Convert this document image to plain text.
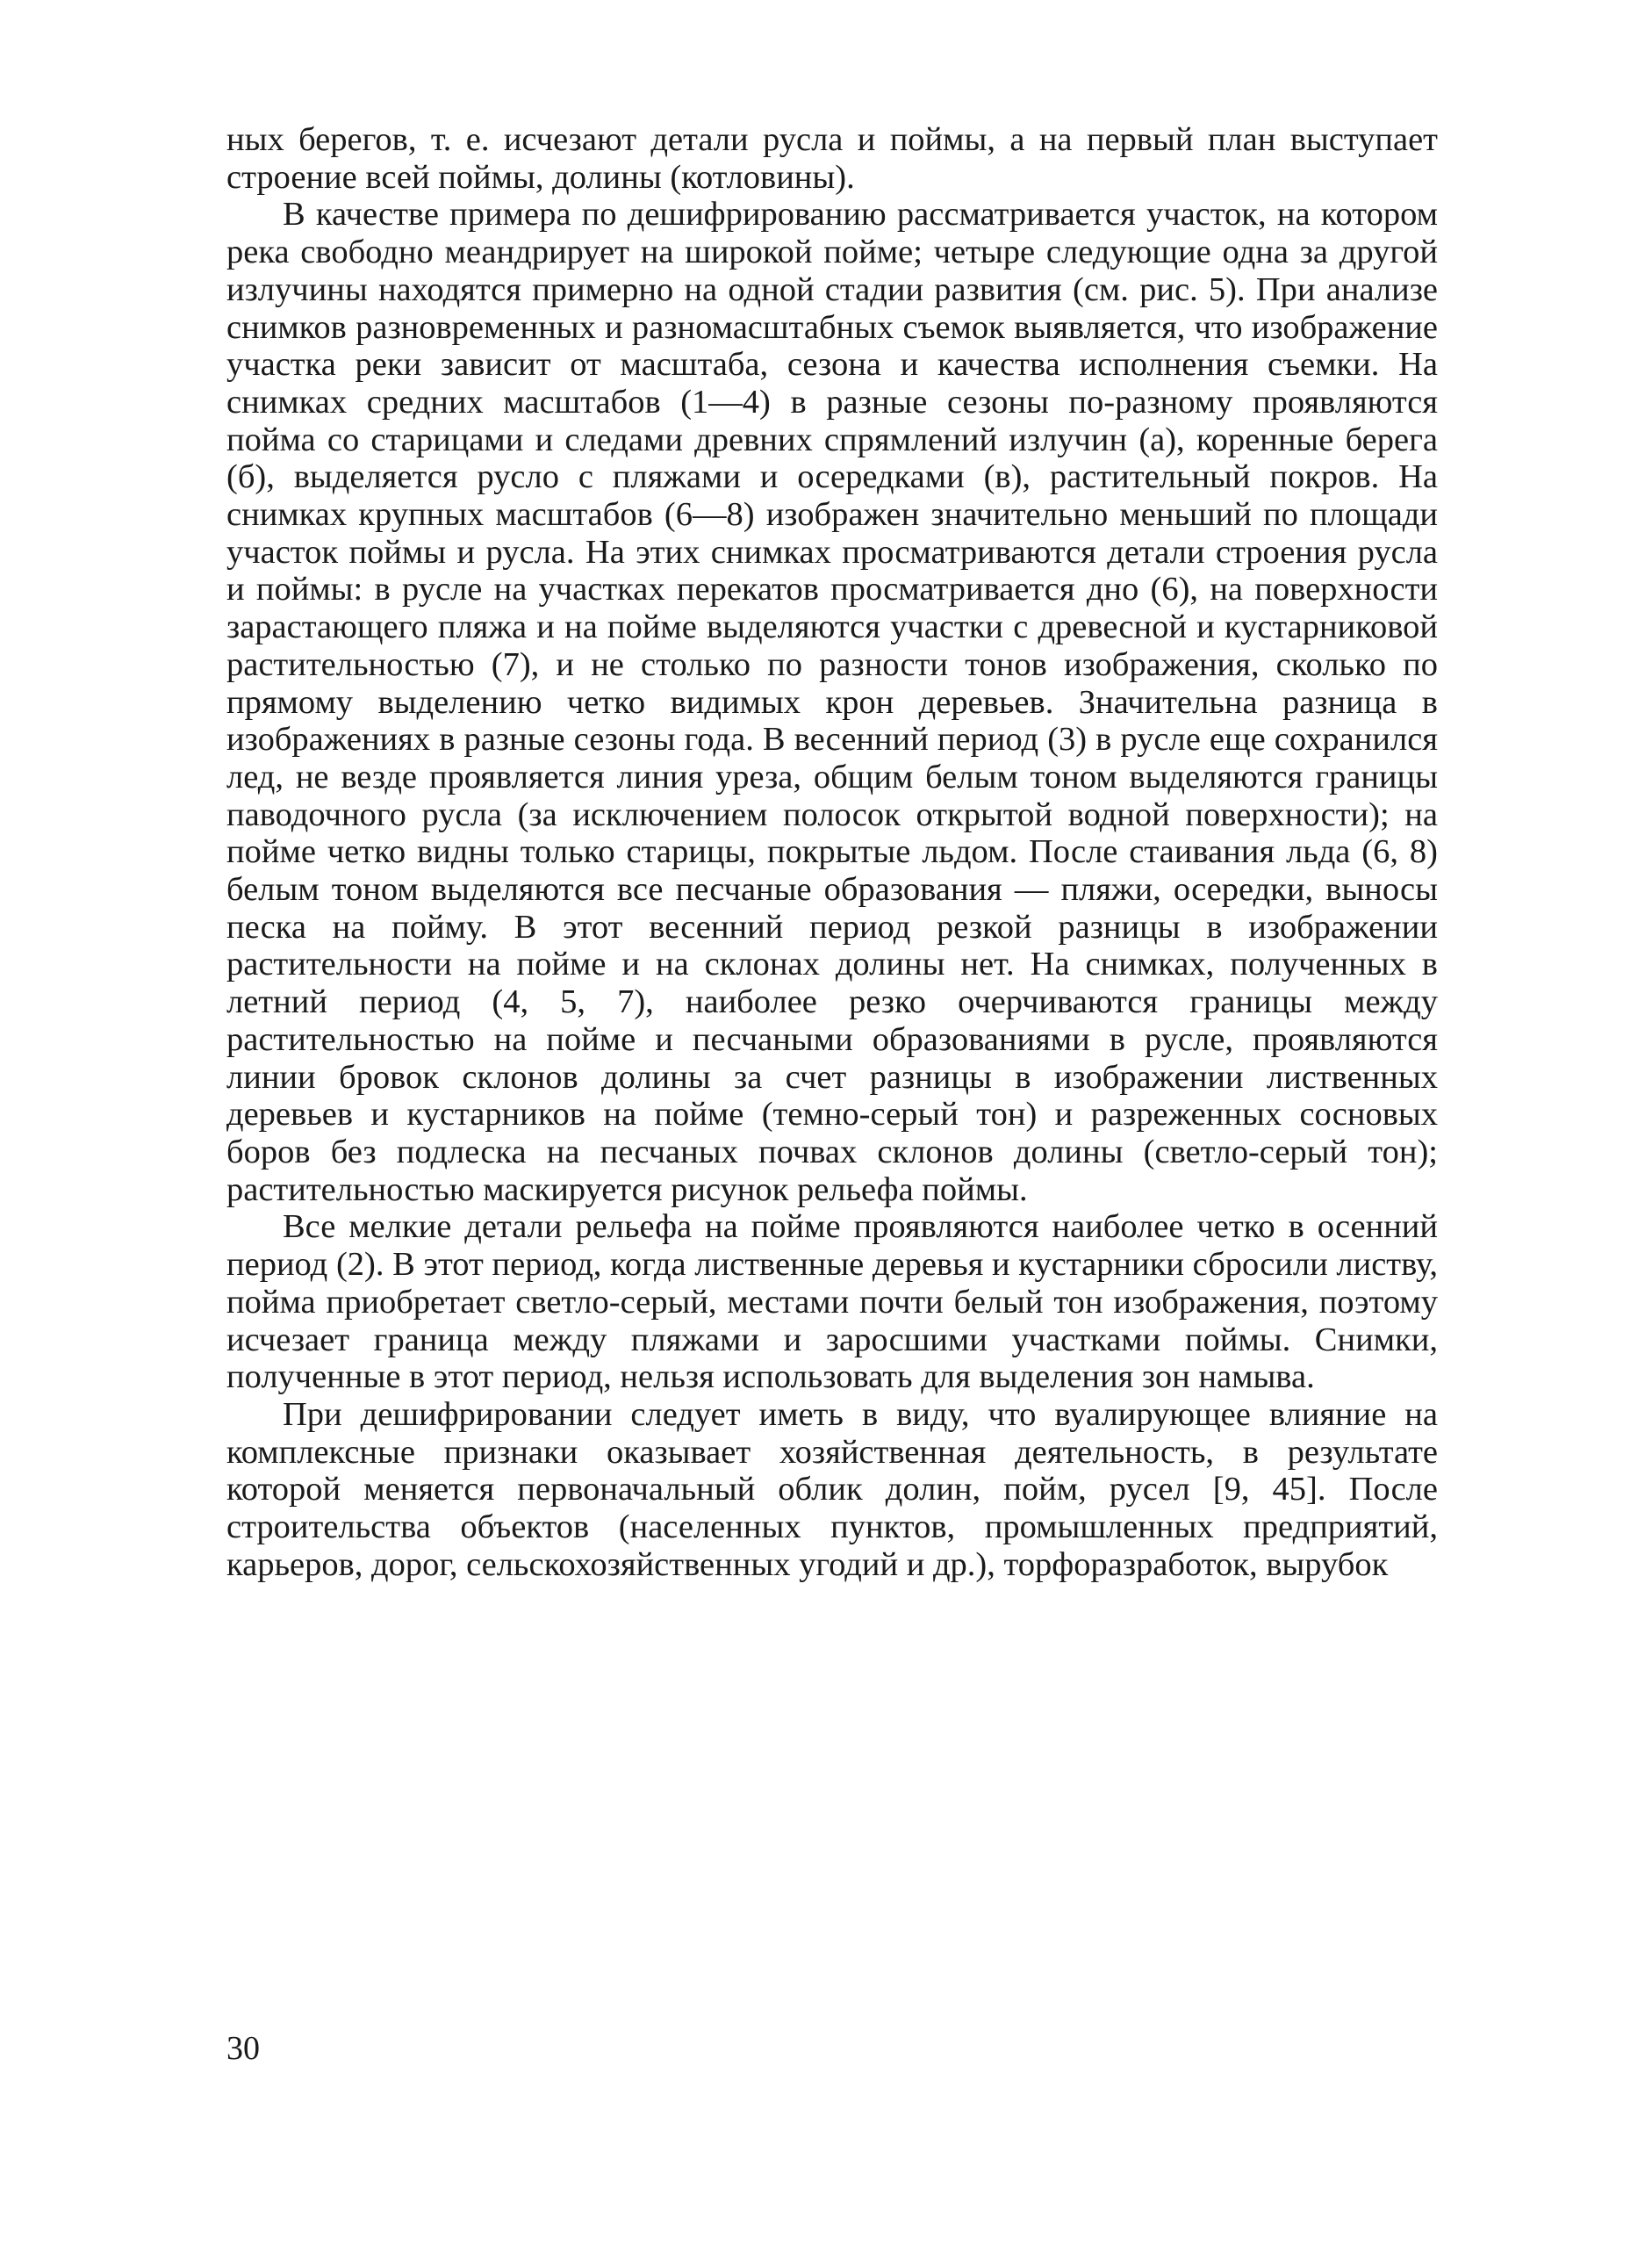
ных берегов, т. е. исчезают детали русла и поймы, а на первый план выступает строение всей поймы, долины (котловины).

В качестве примера по дешифрированию рассматривается участок, на котором река свободно меандрирует на широкой пойме; четыре следующие одна за другой излучины находятся примерно на одной стадии развития (см. рис. 5). При анализе снимков разновременных и разномасштабных съемок выявляется, что изображение участка реки зависит от масштаба, сезона и качества исполнения съемки. На снимках средних масштабов (1—4) в разные сезоны по-разному проявляются пойма со старицами и следами древних спрямлений излучин (а), коренные берега (б), выделяется русло с пляжами и осередками (в), растительный покров. На снимках крупных масштабов (6—8) изображен значительно меньший по площади участок поймы и русла. На этих снимках просматриваются детали строения русла и поймы: в русле на участках перекатов просматривается дно (6), на поверхности зарастающего пляжа и на пойме выделяются участки с древесной и кустарниковой растительностью (7), и не столько по разности тонов изображения, сколько по прямому выделению четко видимых крон деревьев. Значительна разница в изображениях в разные сезоны года. В весенний период (3) в русле еще сохранился лед, не везде проявляется линия уреза, общим белым тоном выделяются границы паводочного русла (за исключением полосок открытой водной поверхности); на пойме четко видны только старицы, покрытые льдом. После стаивания льда (6, 8) белым тоном выделяются все песчаные образования — пляжи, осередки, выносы песка на пойму. В этот весенний период резкой разницы в изображении растительности на пойме и на склонах долины нет. На снимках, полученных в летний период (4, 5, 7), наиболее резко очерчиваются границы между растительностью на пойме и песчаными образованиями в русле, проявляются линии бровок склонов долины за счет разницы в изображении лиственных деревьев и кустарников на пойме (темно-серый тон) и разреженных сосновых боров без подлеска на песчаных почвах склонов долины (светло-серый тон); растительностью маскируется рисунок рельефа поймы.

Все мелкие детали рельефа на пойме проявляются наиболее четко в осенний период (2). В этот период, когда лиственные деревья и кустарники сбросили листву, пойма приобретает светло-серый, местами почти белый тон изображения, поэтому исчезает граница между пляжами и заросшими участками поймы. Снимки, полученные в этот период, нельзя использовать для выделения зон намыва.

При дешифрировании следует иметь в виду, что вуалирующее влияние на комплексные признаки оказывает хозяйственная деятельность, в результате которой меняется первоначальный облик долин, пойм, русел [9, 45]. После строительства объектов (населенных пунктов, промышленных предприятий, карьеров, дорог, сельскохозяйственных угодий и др.), торфоразработок, вырубок

30
